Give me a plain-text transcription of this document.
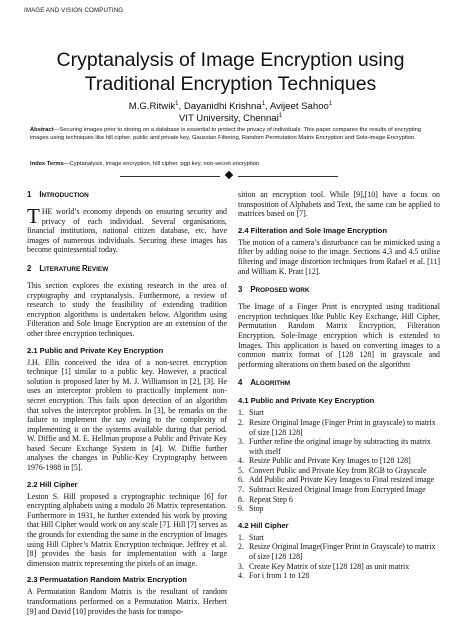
IMAGE AND VISION COMPUTING
Cryptanalysis of Image Encryption using
Traditional Encryption Techniques
M.G.Ritwik$^1$, Dayanidhi Krishna$^1$, Avijeet Sahoo$^1$
VIT University, Chennai$^1$
Abstract—Securing images prior to storing on a database is essential to protect the privacy of individuals. This paper compares the results of encrypting images using techniques like hill cipher, public and private key, Gaussian Filtering, Random Permutation Matrix Encryption and Sole-image Encryption.
Index Terms—Cyptanalysis, image encryption, hill cipher, pgp key, non-secret encryption
1 INTRODUCTION
T HE world’s economy depends on ensuring security and privacy of each individual. Several organisations, financial institutions, national citizen database, etc. have images of numerous individuals. Securing these images has become quintessential today.

2 LITERATURE REVIEW

This section explores the existing research in the area of cryptography and cryptanalysis. Furthermore, a review of research to study the feasibility of extending tradition encryption algorithms is undertaken below. Algorithm using Filteration and Sole Image Encryption are an extension of the other three encryption techniques.

2.1 Public and Private Key Encryption

J.H. Ellis conceived the idea of a non-secret encryption technique [1] similar to a public key. However, a practical solution is proposed later by M. J. Williamson in [2], [3]. He uses an interceptor problem to practically implement non-secret encryption. This fails upon detection of an algorithm that solves the interceptor problem. In [3], he remarks on the failure to implement the say owing to the complexity of implementing it on the systems available during that period. W. Diffie and M. E. Hellman propose a Public and Private Key based Secure Exchange System in [4]. W. Diffie further analyses the changes in Public-Key Cryptography between 1976-1988 in [5].

2.2 Hill Cipher

Leston S. Hill proposed a cryptographic technique [6] for encrypting alphabets using a modulo 26 Matrix representation. Furthermore in 1931, he further extended his work by proving that Hill Cipher would work on any scale [7]. Hill [7] serves as the grounds for extending the same in the encryption of Images using Hill Cipher’s Matrix Encryption technique. Jeffrey et al. [8] provides the basis for implementation with a large dimension matrix representing the pixels of an image.

2.3 Permuatation Random Matrix Encryption

A Permutation Random Matrix is the resultant of random transformations performed on a Permutation Matrix. Herbert [9] and David [10] provides the basis for transpo-

sition an encryption tool. While [9],[10] have a focus on transposition of Alphabets and Text, the same can be applied to matrices based on [7].

2.4 Filteration and Sole Image Encryption

The motion of a camera’s disturbance can be mimicked using a filter by adding noise to the image. Sections 4.3 and 4.5 utilise filtering and image distortion techniques from Rafael et al. [11] and William K. Pratt [12].

3 PROPOSED WORK

The Image of a Finger Print is encrypted using traditional encryption techniques like Public Key Exchange, Hill Cipher, Permutation Random Matrix Encryption, Filteration Encryption, Sole-Image encryption which is extended to Images. This application is based on converting images to a common matrix format of [128 128] in grayscale and performing alterations on them based on the algorithm

4 ALGORITHM
4.1 Public and Private Key Encryption
1. Start
2. Resize Original Image (Finger Print in grayscale) to matrix of size [128 128]
3. Further refine the original image by subtracting its matrix with itself
4. Resize Public and Private Key Images to [128 128]
5. Convert Public and Private Key from RGB to Grayscale
6. Add Public and Private Key Images to Final resized image
7. Subtract Resized Original Image from Encrypted Image
8. Repeat Step 6
9. Stop
4.2 Hill Cipher
1. Start
2. Resize Original Image(Finger Print in Grayscale) to matrix of size [128 128]
3. Create Key Matrix of size [128 128] as unit matrix
4. For i from 1 to 128
